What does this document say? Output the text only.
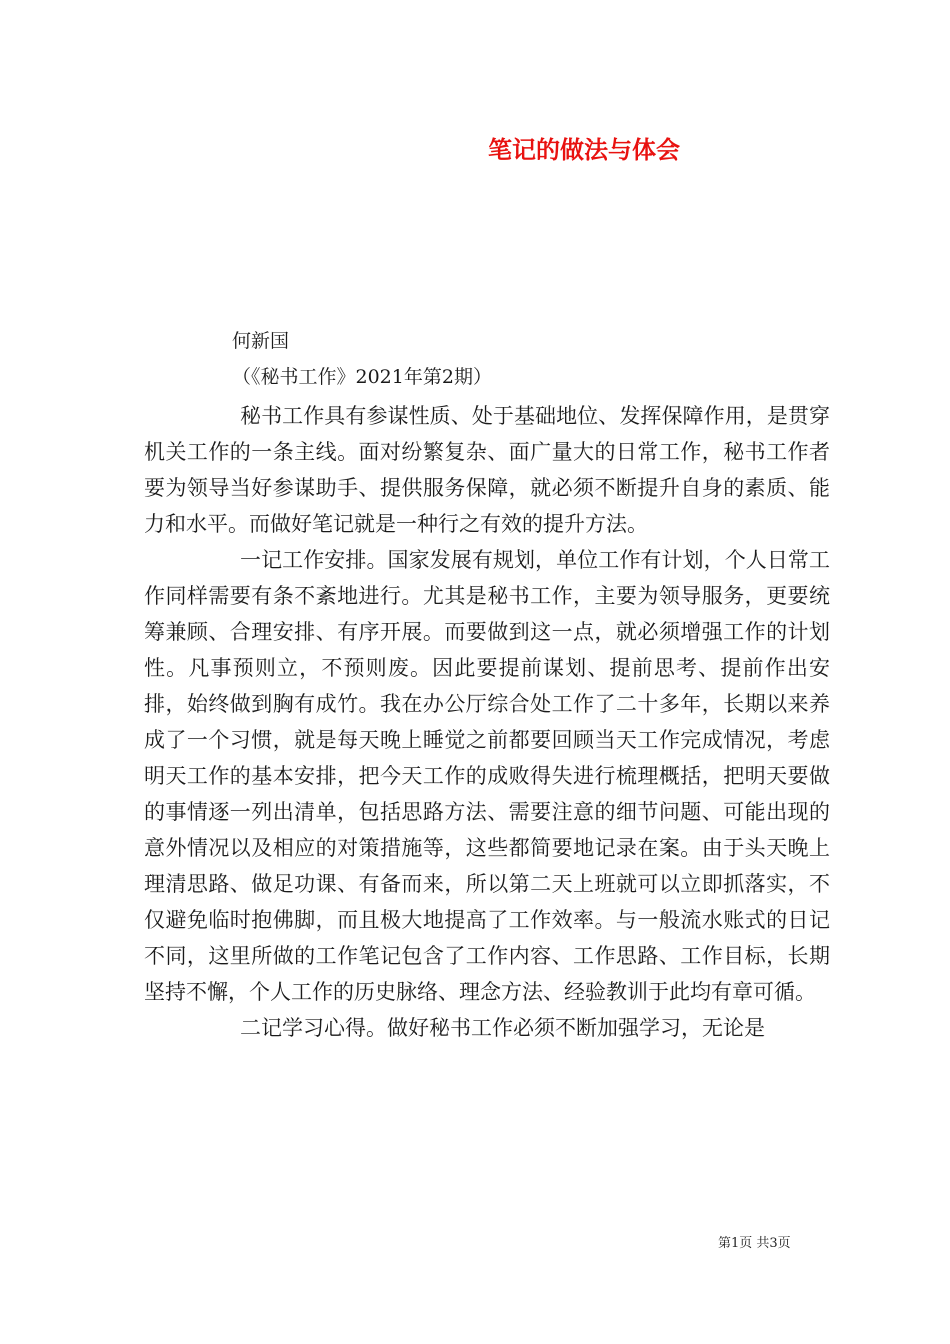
笔记的做法与体会
何新国
（《秘书工作》2021年第2期）

秘书工作具有参谋性质、处于基础地位、发挥保障作用，是贯穿机关工作的一条主线。面对纷繁复杂、面广量大的日常工作，秘书工作者要为领导当好参谋助手、提供服务保障，就必须不断提升自身的素质、能力和水平。而做好笔记就是一种行之有效的提升方法。

一记工作安排。国家发展有规划，单位工作有计划，个人日常工作同样需要有条不紊地进行。尤其是秘书工作，主要为领导服务，更要统筹兼顾、合理安排、有序开展。而要做到这一点，就必须增强工作的计划性。凡事预则立，不预则废。因此要提前谋划、提前思考、提前作出安排，始终做到胸有成竹。我在办公厅综合处工作了二十多年，长期以来养成了一个习惯，就是每天晚上睡觉之前都要回顾当天工作完成情况，考虑明天工作的基本安排，把今天工作的成败得失进行梳理概括，把明天要做的事情逐一列出清单，包括思路方法、需要注意的细节问题、可能出现的意外情况以及相应的对策措施等，这些都简要地记录在案。由于头天晚上理清思路、做足功课、有备而来，所以第二天上班就可以立即抓落实，不仅避免临时抱佛脚，而且极大地提高了工作效率。与一般流水账式的日记不同，这里所做的工作笔记包含了工作内容、工作思路、工作目标，长期坚持不懈，个人工作的历史脉络、理念方法、经验教训于此均有章可循。

二记学习心得。做好秘书工作必须不断加强学习，无论是

第1页 共3页
